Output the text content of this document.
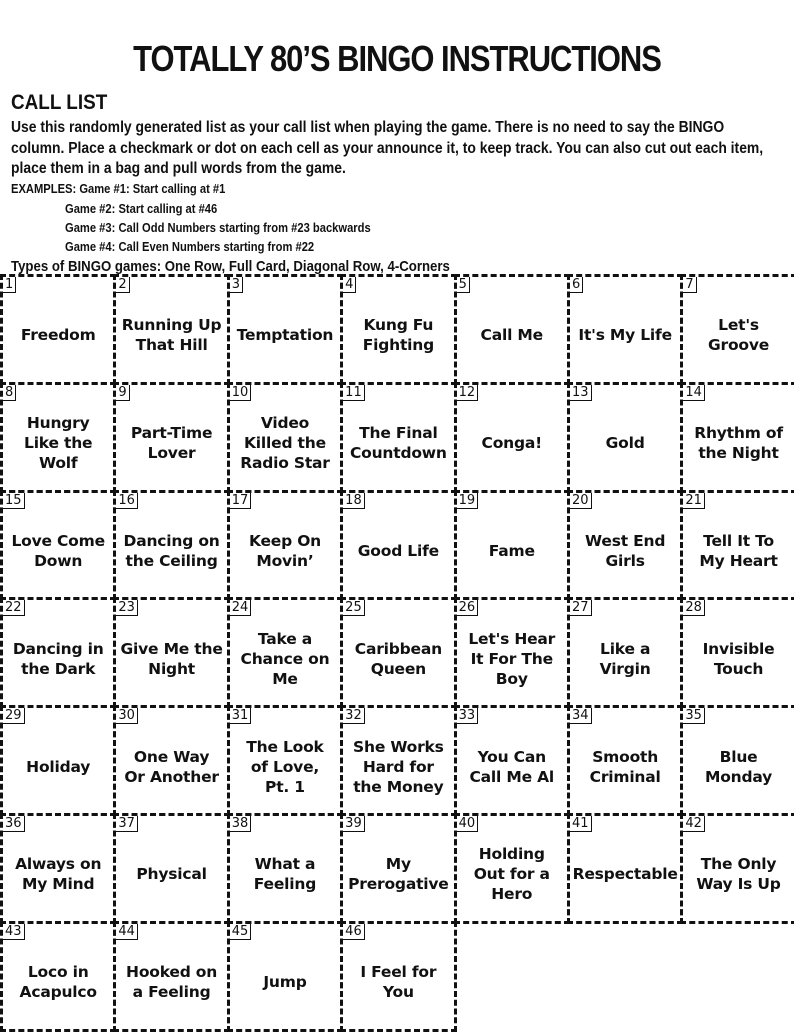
TOTALLY 80’S BINGO INSTRUCTIONS
CALL LIST
Use this randomly generated list as your call list when playing the game. There is no need to say the BINGO column. Place a checkmark or dot on each cell as your announce it, to keep track. You can also cut out each item, place them in a bag and pull words from the game.
EXAMPLES: Game #1: Start calling at #1
Game #2: Start calling at #46
Game #3: Call Odd Numbers starting from #23 backwards
Game #4: Call Even Numbers starting from #22
Types of BINGO games: One Row, Full Card, Diagonal Row, 4-Corners
1
Freedom
2
Running Up
That Hill
3
Temptation
4
Kung Fu
Fighting
5
Call Me
6
It's My Life
7
Let's
Groove
8
Hungry
Like the
Wolf
9
Part-Time
Lover
10
Video
Killed the
Radio Star
11
The Final
Countdown
12
Conga!
13
Gold
14
Rhythm of
the Night
15
Love Come
Down
16
Dancing on
the Ceiling
17
Keep On
Movin’
18
Good Life
19
Fame
20
West End
Girls
21
Tell It To
My Heart
22
Dancing in
the Dark
23
Give Me the
Night
24
Take a
Chance on
Me
25
Caribbean
Queen
26
Let's Hear
It For The
Boy
27
Like a
Virgin
28
Invisible
Touch
29
Holiday
30
One Way
Or Another
31
The Look
of Love,
Pt. 1
32
She Works
Hard for
the Money
33
You Can
Call Me Al
34
Smooth
Criminal
35
Blue
Monday
36
Always on
My Mind
37
Physical
38
What a
Feeling
39
My
Prerogative
40
Holding
Out for a
Hero
41
Respectable
42
The Only
Way Is Up
43
Loco in
Acapulco
44
Hooked on
a Feeling
45
Jump
46
I Feel for
You
